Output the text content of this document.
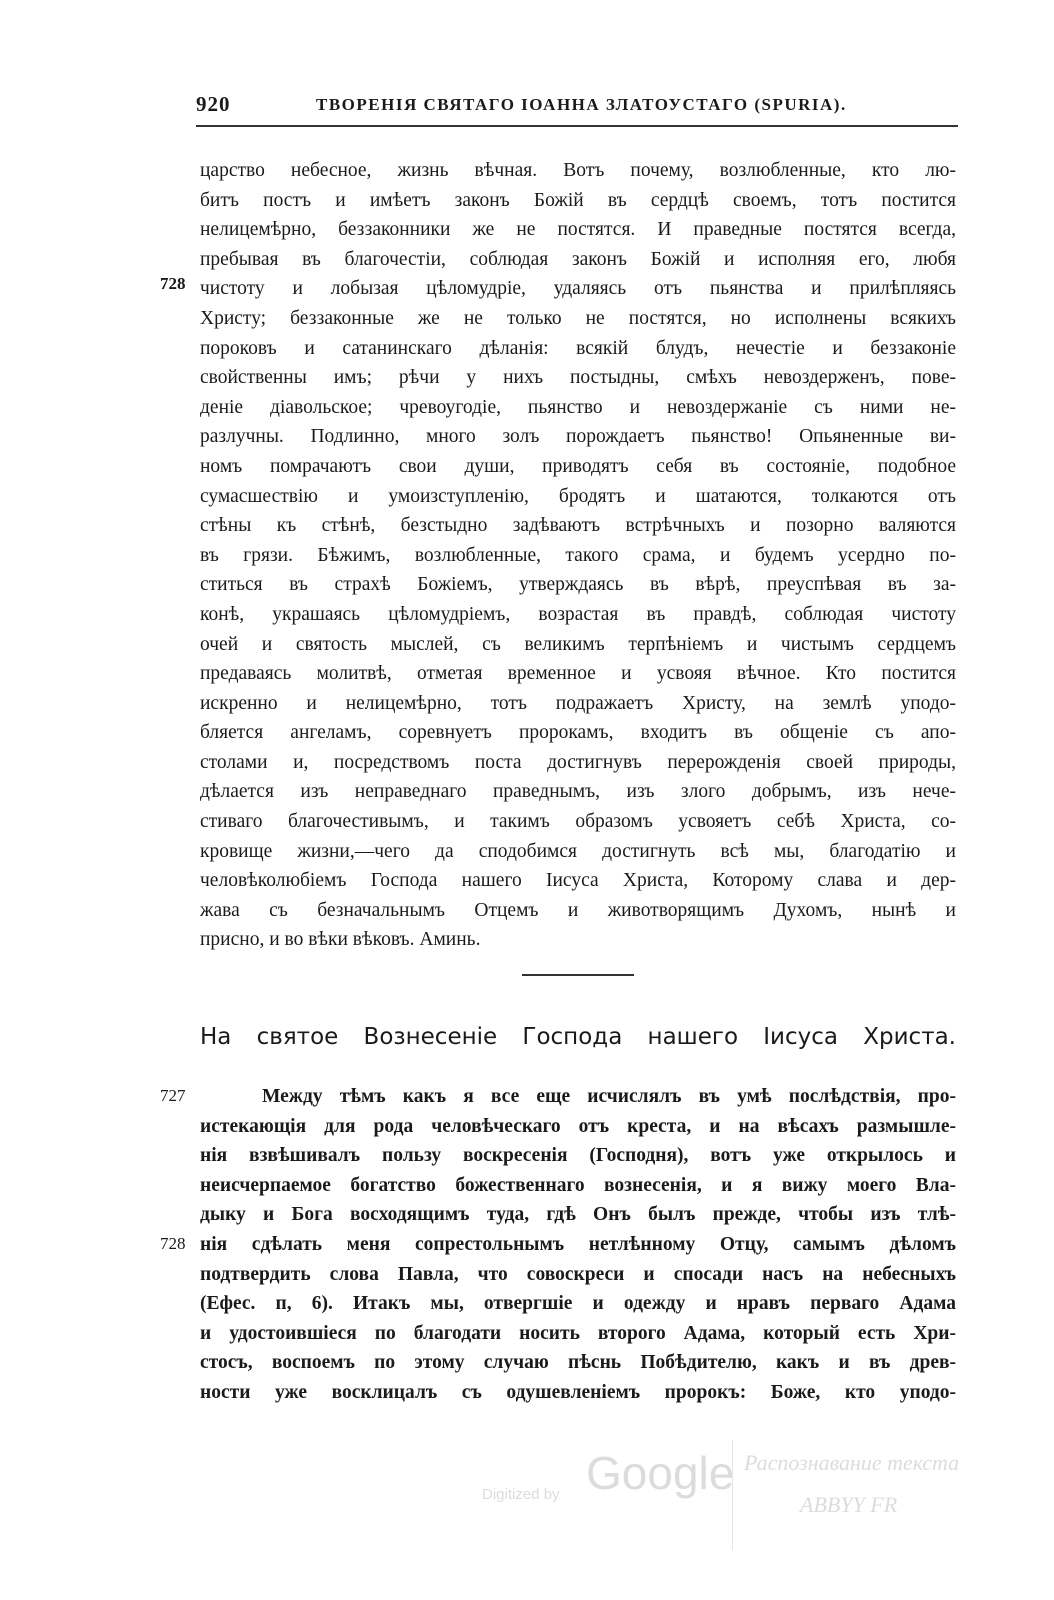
920	ТВОРЕНІЯ СВЯТАГО ІОАННА ЗЛАТОУСТАГО (SPURIA).
728
царство небесное, жизнь вѣчная. Вотъ почему, возлюбленные, кто лю-
битъ постъ и имѣетъ законъ Божій въ сердцѣ своемъ, тотъ постится
нелицемѣрно, беззаконники же не постятся. И праведные постятся всегда,
пребывая въ благочестіи, соблюдая законъ Божій и исполняя его, любя
чистоту и лобызая цѣломудріе, удаляясь отъ пьянства и прилѣпляясь
Христу; беззаконные же не только не постятся, но исполнены всякихъ
пороковъ и сатанинскаго дѣланія: всякій блудъ, нечестіе и беззаконіе
свойственны имъ; рѣчи у нихъ постыдны, смѣхъ невоздерженъ, пове-
деніе діавольское; чревоугодіе, пьянство и невоздержаніе съ ними не-
разлучны. Подлинно, много золъ порождаетъ пьянство! Опьяненные ви-
номъ помрачаютъ свои души, приводятъ себя въ состояніе, подобное
сумасшествію и умоизступленію, бродятъ и шатаются, толкаются отъ
стѣны къ стѣнѣ, безстыдно задѣваютъ встрѣчныхъ и позорно валяются
въ грязи. Бѣжимъ, возлюбленные, такого срама, и будемъ усердно по-
ститься въ страхѣ Божіемъ, утверждаясь въ вѣрѣ, преуспѣвая въ за-
конѣ, украшаясь цѣломудріемъ, возрастая въ правдѣ, соблюдая чистоту
очей и святость мыслей, съ великимъ терпѣніемъ и чистымъ сердцемъ
предаваясь молитвѣ, отметая временное и усвояя вѣчное. Кто постится
искренно и нелицемѣрно, тотъ подражаетъ Христу, на землѣ уподо-
бляется ангеламъ, соревнуетъ пророкамъ, входитъ въ общеніе съ апо-
столами и, посредствомъ поста достигнувъ перерожденія своей природы,
дѣлается изъ неправеднаго праведнымъ, изъ злого добрымъ, изъ нече-
стиваго благочестивымъ, и такимъ образомъ усвояетъ себѣ Христа, со-
кровище жизни,—чего да сподобимся достигнуть всѣ мы, благодатію и
человѣколюбіемъ Господа нашего Іисуса Христа, Которому слава и дер-
жава съ безначальнымъ Отцемъ и животворящимъ Духомъ, нынѣ и
присно, и во вѣки вѣковъ. Аминь.
На святое Вознесеніе Господа нашего Іисуса Христа.
727
728
Между тѣмъ какъ я все еще исчислялъ въ умѣ послѣдствія, про-
истекающія для рода человѣческаго отъ креста, и на вѣсахъ размышле-
нія взвѣшивалъ пользу воскресенія (Господня), вотъ уже открылось и
неисчерпаемое богатство божественнаго вознесенія, и я вижу моего Вла-
дыку и Бога восходящимъ туда, гдѣ Онъ былъ прежде, чтобы изъ тлѣ-
нія сдѣлать меня сопрестольнымъ нетлѣнному Отцу, самымъ дѣломъ
подтвердить слова Павла, что совоскреси и спосади насъ на небесныхъ
(Ефес. п, 6). Итакъ мы, отвергшіе и одежду и нравъ перваго Адама
и удостоившіеся по благодати носить второго Адама, который есть Хри-
стосъ, воспоемъ по этому случаю пѣснь Побѣдителю, какъ и въ древ-
ности уже восклицалъ съ одушевленіемъ пророкъ: Боже, кто уподо-
Digitized by Google Распознавание текста
ABBYY FR
